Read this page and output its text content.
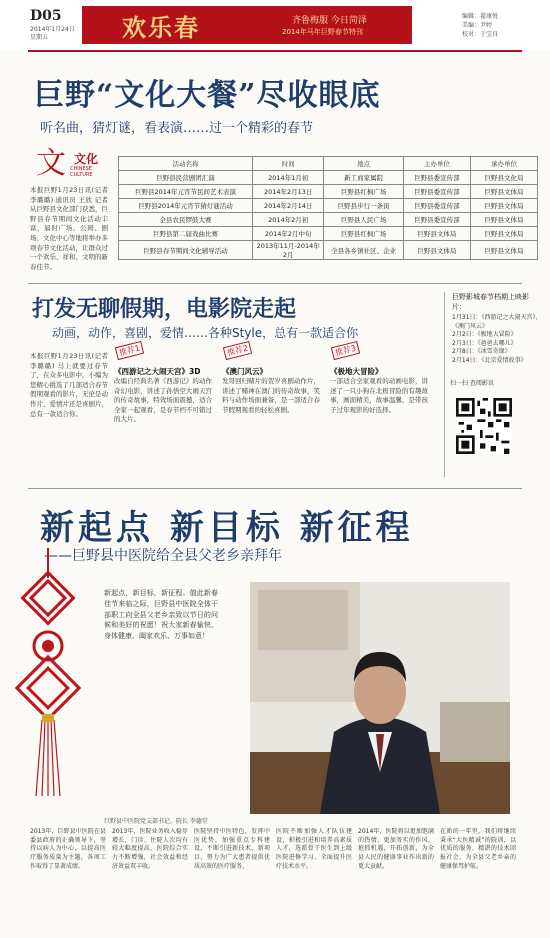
D05
2014年1月24日
星期五	欢乐春	齐鲁梅服 今日菏泽
2014年马年巨野春节特刊
编辑：翟康悦
美编：尹婷
校对：于宝良
巨野“文化大餐”尽收眼底
听名曲，猜灯谜，看表演……过一个精彩的春节
文 文化
CHINESE CULTURE
本报巨野1月23日讯(记者 李璐璐) 通讯员 王欣 记者从巨野县文化部门获悉，巨野县春节期间文化活动丰富，届时广场、公园、剧场、文化中心等地将举办多项春节文化活动，让群众过一个欢乐、祥和、文明的新春佳节。
活动名称	时间	地点	主办单位	承办单位
巨野县民营剧团汇演	2014年1月初	新工商家属院	巨野县委宣传部	巨野县文化局
巨野县2014年元宵节民间艺术表演	2014年2月13日	巨野县红枫广场	巨野县委宣传部	巨野县文体局
巨野县2014年元宵节猜灯谜活动	2014年2月14日	巨野县步行一条街	巨野县委宣传部	巨野县文体局
全县农民锣鼓大赛	2014年2月初	巨野县人民广场	巨野县委宣传部	巨野县文体局
巨野县第二届戏曲比赛	2014年2月中旬	巨野县红枫广场	巨野县文体局	巨野县文体局
巨野县春节期间文化辅导活动	2013年11月-2014年2月	全县各乡镇社区、企业	巨野县文体局	巨野县文体局
打发无聊假期，电影院走起
动画，动作，喜剧，爱情……各种Style，总有一款适合你
本报巨野1月23日讯(记者 李璐璐) 马上就要过春节了，在众多电影中，小编为您精心挑选了几部适合春节假期观看的影片，无论是动作片、爱情片还是喜剧片，总有一款适合你。
推荐1
《西游记之大闹天宫》3D
改编自经典名著《西游记》的动作奇幻电影，讲述了孙悟空大闹天宫的传奇故事，特效场面震撼，适合全家一起观看，是春节档不可错过的大片。
推荐2
《澳门风云》
发哥回归赌片的贺岁喜剧动作片，讲述了赌神在澳门的传奇故事，笑料与动作场面兼备，是一部适合春节假期观看的轻松喜剧。
推荐3
《极地大冒险》
一部适合全家观看的动画电影，讲述了一只小狗在北极冒险的有趣故事，画面精美，故事温馨，是带孩子过年观影的好选择。
巨野影城春节档期上映影片：
1月31日：《西游记之大闹天宫》、《澳门风云》
2月2日：《极地大冒险》
2月3日：《爸爸去哪儿》
2月8日：《冰雪奇缘》
2月14日：《北京爱情故事》
扫一扫 查阅影讯
新起点 新目标 新征程
——巨野县中医院给全县父老乡亲拜年
新起点，新目标，新征程。值此新春佳节来临之际，巨野县中医院全体干部职工向全县父老乡亲致以节日的问候和美好的祝愿！祝大家新春愉快、身体健康、阖家欢乐、万事如意！
巨野县中医院党支部书记、院长 李德堂
2013年，巨野县中医院在县委县政府的正确领导下，坚持以病人为中心，以提高医疗服务质量为主题，各项工作取得了显著成绩。
2013年，医院业务收入稳步增长，门诊、住院人次均有较大幅度提高，医院综合实力不断增强，社会效益和经济效益双丰收。
医院坚持中医特色，发挥中医优势，加强重点专科建设，不断引进新技术、新项目，努力为广大患者提供优质高效的医疗服务。
医院不断加强人才队伍建设，积极引进和培养高素质人才，选派骨干医生到上级医院进修学习，全面提升医疗技术水平。
2014年，医院将以更加饱满的热情、更加务实的作风，抢抓机遇，开拓创新，为全县人民的健康事业作出新的更大贡献。
在新的一年里，我们将继续秉承“大医精诚”的院训，以优质的服务、精湛的技术回报社会，为全县父老乡亲的健康保驾护航。
